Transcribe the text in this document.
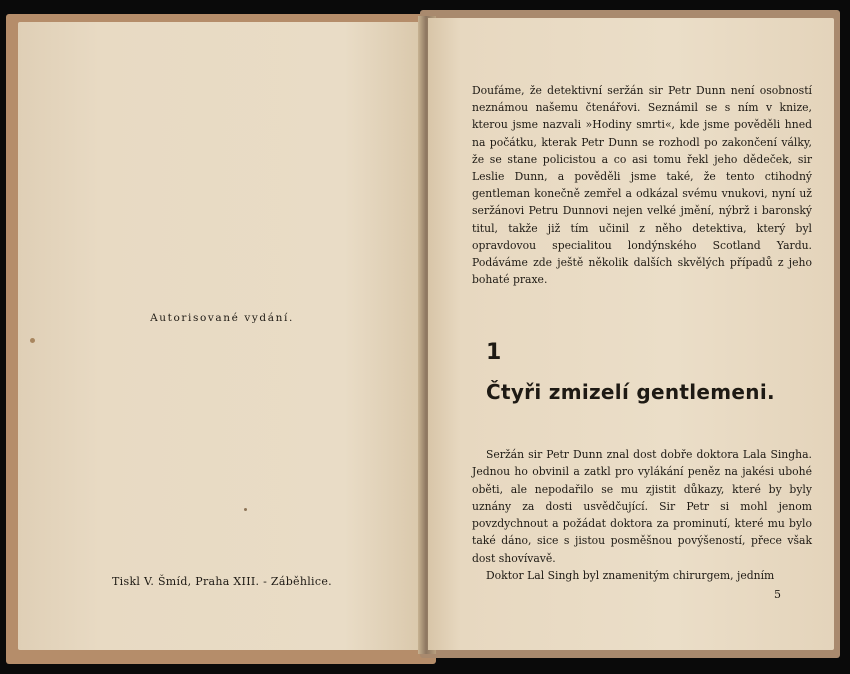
Autorisované vydání.
Tiskl V. Šmíd, Praha XIII. - Záběhlice.

Doufáme, že detektivní seržán sir Petr Dunn není osobností neznámou našemu čtenářovi. Seznámil se s ním v knize, kterou jsme nazvali »Hodiny smrti«, kde jsme pověděli hned na počátku, kterak Petr Dunn se rozhodl po zakončení války, že se stane policistou a co asi tomu řekl jeho dědeček, sir Leslie Dunn, a pověděli jsme také, že tento ctihodný gentleman konečně zemřel a odkázal svému vnukovi, nyní už seržánovi Petru Dunnovi nejen velké jmění, nýbrž i baronský titul, takže již tím učinil z něho detektiva, který byl opravdovou specialitou londýnského Scotland Yardu. Podáváme zde ještě několik dalších skvělých případů z jeho bohaté praxe.

1
Čtyři zmizelí gentlemeni.

Seržán sir Petr Dunn znal dost dobře doktora Lala Singha. Jednou ho obvinil a zatkl pro vylákání peněz na jakési ubohé oběti, ale nepodařilo se mu zjistit důkazy, které by byly uznány za dosti usvědčující. Sir Petr si mohl jenom povzdychnout a požádat doktora za prominutí, které mu bylo také dáno, sice s jistou posměšnou povýšeností, přece však dost shovívavě.

Doktor Lal Singh byl znamenitým chirurgem, jedním

5
